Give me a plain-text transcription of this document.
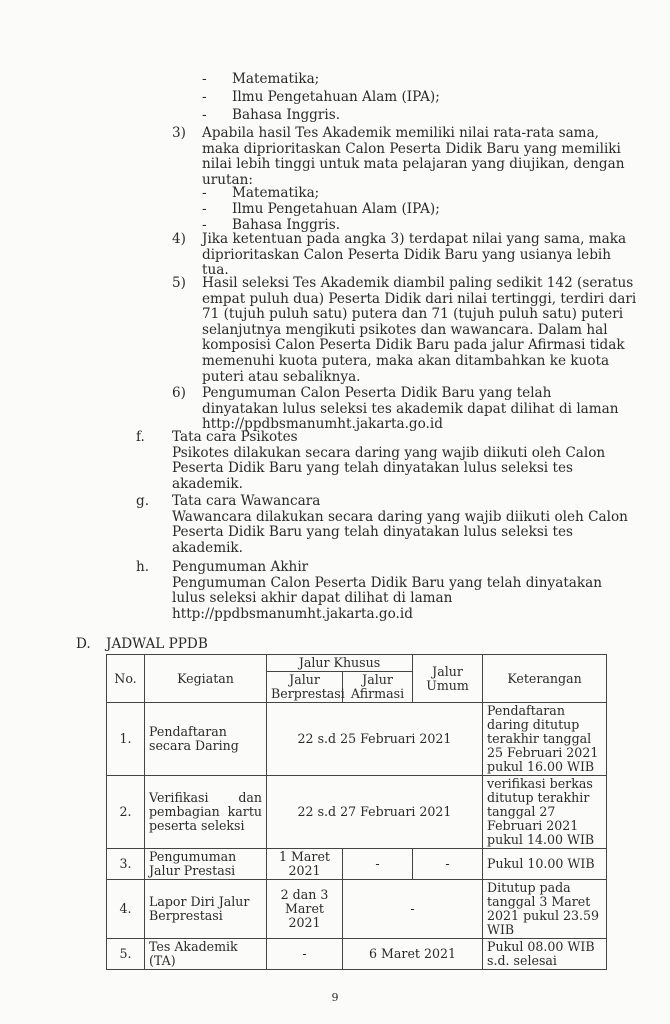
- Matematika;
- Ilmu Pengetahuan Alam (IPA);
- Bahasa Inggris.
3) Apabila hasil Tes Akademik memiliki nilai rata-rata sama,
maka diprioritaskan Calon Peserta Didik Baru yang memiliki
nilai lebih tinggi untuk mata pelajaran yang diujikan, dengan
urutan:
- Matematika;
- Ilmu Pengetahuan Alam (IPA);
- Bahasa Inggris.
4) Jika ketentuan pada angka 3) terdapat nilai yang sama, maka
diprioritaskan Calon Peserta Didik Baru yang usianya lebih
tua.
5) Hasil seleksi Tes Akademik diambil paling sedikit 142 (seratus
empat puluh dua) Peserta Didik dari nilai tertinggi, terdiri dari
71 (tujuh puluh satu) putera dan 71 (tujuh puluh satu) puteri
selanjutnya mengikuti psikotes dan wawancara. Dalam hal
komposisi Calon Peserta Didik Baru pada jalur Afirmasi tidak
memenuhi kuota putera, maka akan ditambahkan ke kuota
puteri atau sebaliknya.
6) Pengumuman Calon Peserta Didik Baru yang telah
dinyatakan lulus seleksi tes akademik dapat dilihat di laman
http://ppdbsmanumht.jakarta.go.id
f. Tata cara Psikotes
Psikotes dilakukan secara daring yang wajib diikuti oleh Calon
Peserta Didik Baru yang telah dinyatakan lulus seleksi tes
akademik.
g. Tata cara Wawancara
Wawancara dilakukan secara daring yang wajib diikuti oleh Calon
Peserta Didik Baru yang telah dinyatakan lulus seleksi tes
akademik.
h. Pengumuman Akhir
Pengumuman Calon Peserta Didik Baru yang telah dinyatakan
lulus seleksi akhir dapat dilihat di laman
http://ppdbsmanumht.jakarta.go.id
D. JADWAL PPDB
No.	Kegiatan	Jalur Khusus		Jalur Umum	Keterangan
		Jalur Berprestasi	Jalur Afirmasi		
1.	Pendaftaran secara Daring	22 s.d 25 Februari 2021			Pendaftaran daring ditutup terakhir tanggal 25 Februari 2021 pukul 16.00 WIB
2.	Verifikasi dan pembagian kartu peserta seleksi	22 s.d 27 Februari 2021			verifikasi berkas ditutup terakhir tanggal 27 Februari 2021 pukul 14.00 WIB
3.	Pengumuman Jalur Prestasi	1 Maret 2021	-	-	Pukul 10.00 WIB
4.	Lapor Diri Jalur Berprestasi	2 dan 3 Maret 2021	-		Ditutup pada tanggal 3 Maret 2021 pukul 23.59 WIB
5.	Tes Akademik (TA)	-	6 Maret 2021		Pukul 08.00 WIB s.d. selesai
9
